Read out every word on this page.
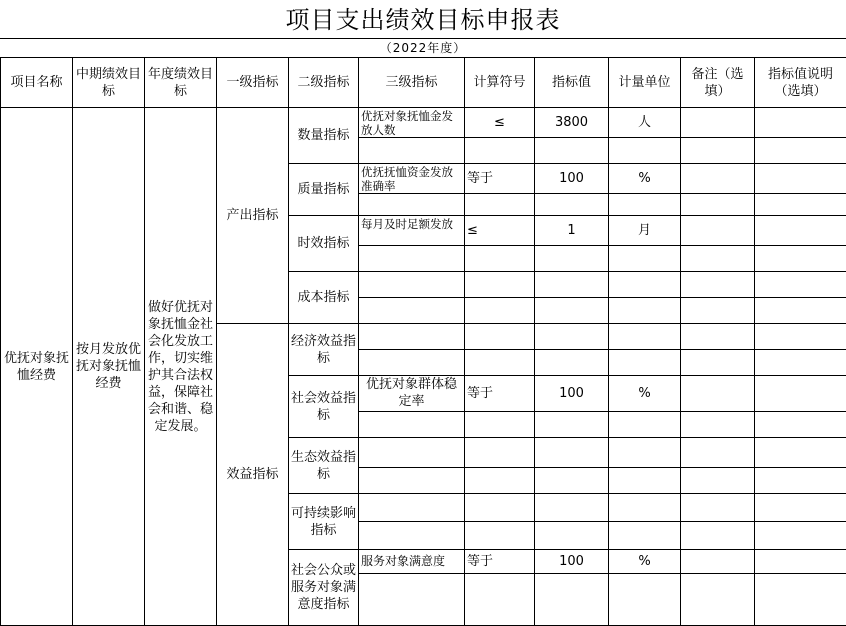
项目支出绩效目标申报表
（2022年度）
项目名称	中期绩效目标	年度绩效目标	一级指标	二级指标	三级指标	计算符号	指标值	计量单位	备注（选填）	指标值说明（选填）
优抚对象抚恤经费	按月发放优抚对象抚恤经费	做好优抚对象抚恤金社会化发放工作，切实维护其合法权益，保障社会和谐、稳定发展。	产出指标	数量指标	优抚对象抚恤金发放人数	≤	3800	人		

				质量指标	优抚抚恤资金发放准确率	等于	100	%		

				时效指标	每月及时足额发放	≤	1	月		

				成本指标						

			效益指标	经济效益指标						

				社会效益指标	优抚对象群体稳定率	等于	100	%		

				生态效益指标						

				可持续影响指标						

				社会公众或服务对象满意度指标	服务对象满意度	等于	100	%		
